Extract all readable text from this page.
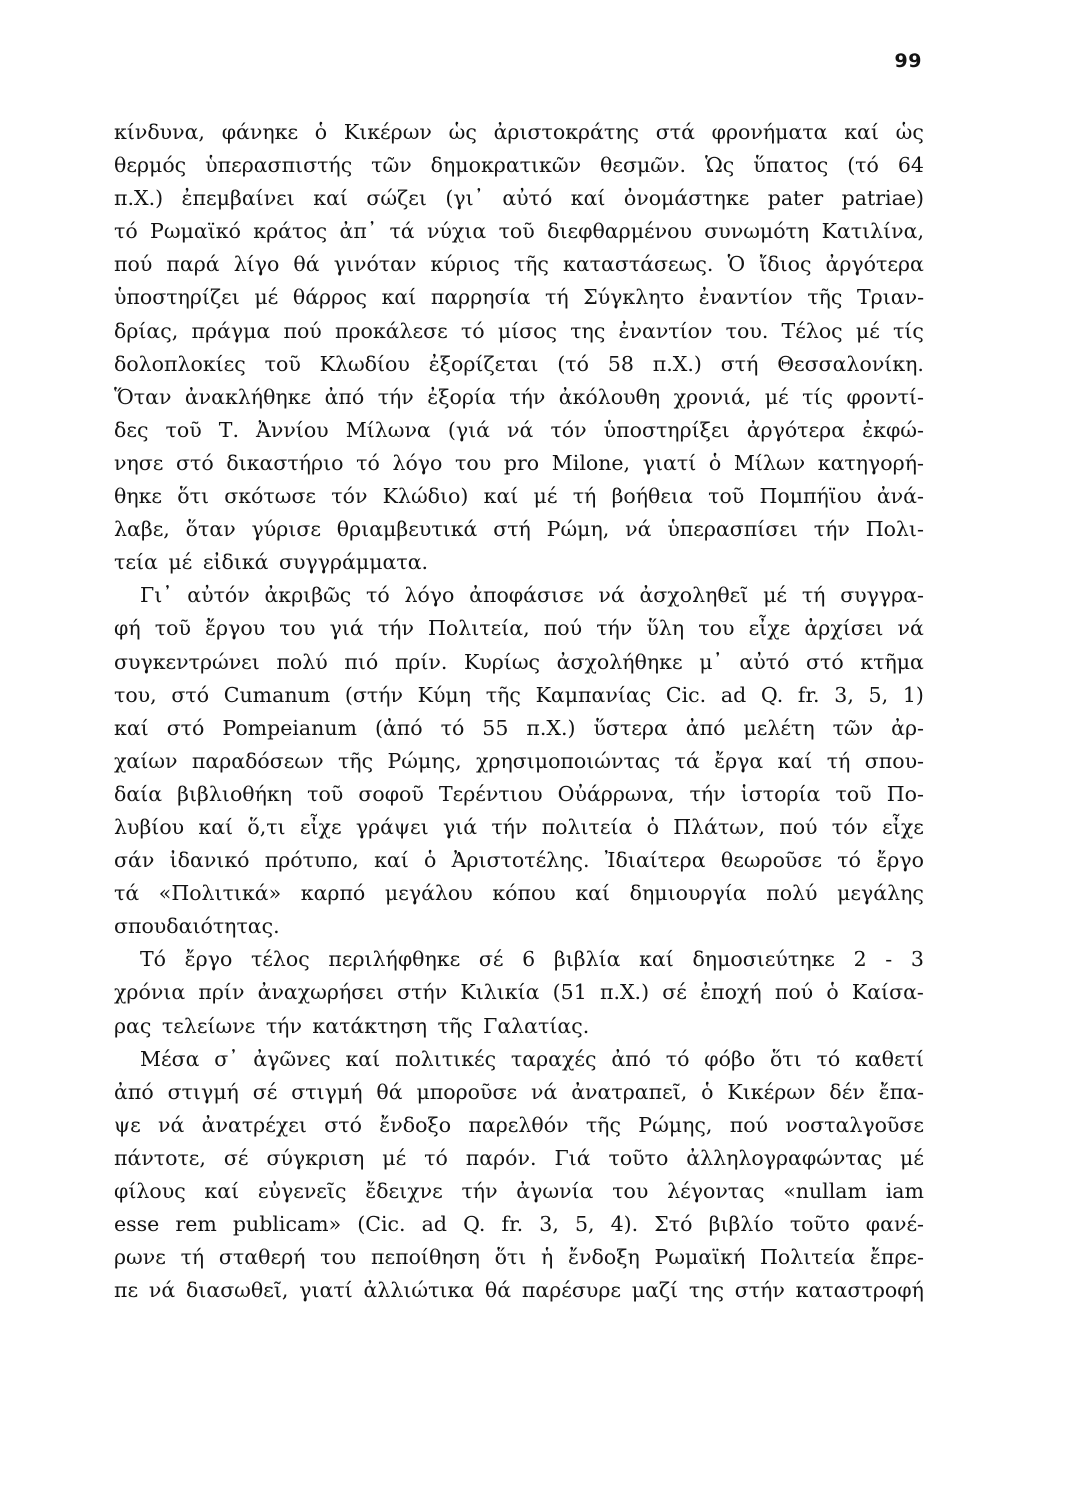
99
κίνδυνα, φάνηκε ὁ Κικέρων ὡς ἀριστοκράτης στά φρονήματα καί ὡς
θερμός ὑπερασπιστής τῶν δημοκρατικῶν θεσμῶν. Ὡς ὕπατος (τό 64
π.Χ.) ἐπεμβαίνει καί σώζει (γι᾽ αὐτό καί ὀνομάστηκε pater patriae)
τό Ρωμαϊκό κράτος ἀπ᾽ τά νύχια τοῦ διεφθαρμένου συνωμότη Κατιλίνα,
πού παρά λίγο θά γινόταν κύριος τῆς καταστάσεως. Ὁ ἴδιος ἀργότερα
ὑποστηρίζει μέ θάρρος καί παρρησία τή Σύγκλητο ἐναντίον τῆς Τριαν-
δρίας, πράγμα πού προκάλεσε τό μίσος της ἐναντίον του. Τέλος μέ τίς
δολοπλοκίες τοῦ Κλωδίου ἐξορίζεται (τό 58 π.Χ.) στή Θεσσαλονίκη.
Ὅταν ἀνακλήθηκε ἀπό τήν ἐξορία τήν ἀκόλουθη χρονιά, μέ τίς φροντί-
δες τοῦ Τ. Ἀννίου Μίλωνα (γιά νά τόν ὑποστηρίξει ἀργότερα ἐκφώ-
νησε στό δικαστήριο τό λόγο του pro Milone, γιατί ὁ Μίλων κατηγορή-
θηκε ὅτι σκότωσε τόν Κλώδιο) καί μέ τή βοήθεια τοῦ Πομπήϊου ἀνά-
λαβε, ὅταν γύρισε θριαμβευτικά στή Ρώμη, νά ὑπερασπίσει τήν Πολι-
τεία μέ εἰδικά συγγράμματα.
Γι᾽ αὐτόν ἀκριβῶς τό λόγο ἀποφάσισε νά ἀσχοληθεῖ μέ τή συγγρα-
φή τοῦ ἔργου του γιά τήν Πολιτεία, πού τήν ὕλη του εἶχε ἀρχίσει νά
συγκεντρώνει πολύ πιό πρίν. Κυρίως ἀσχολήθηκε μ᾽ αὐτό στό κτῆμα
του, στό Cumanum (στήν Κύμη τῆς Καμπανίας Cic. ad Q. fr. 3, 5, 1)
καί στό Pompeianum (ἀπό τό 55 π.Χ.) ὕστερα ἀπό μελέτη τῶν ἀρ-
χαίων παραδόσεων τῆς Ρώμης, χρησιμοποιώντας τά ἔργα καί τή σπου-
δαία βιβλιοθήκη τοῦ σοφοῦ Τερέντιου Οὐάρρωνα, τήν ἱστορία τοῦ Πο-
λυβίου καί ὅ,τι εἶχε γράψει γιά τήν πολιτεία ὁ Πλάτων, πού τόν εἶχε
σάν ἰδανικό πρότυπο, καί ὁ Ἀριστοτέλης. Ἰδιαίτερα θεωροῦσε τό ἔργο
τά «Πολιτικά» καρπό μεγάλου κόπου καί δημιουργία πολύ μεγάλης
σπουδαιότητας.
Τό ἔργο τέλος περιλήφθηκε σέ 6 βιβλία καί δημοσιεύτηκε 2 - 3
χρόνια πρίν ἀναχωρήσει στήν Κιλικία (51 π.Χ.) σέ ἐποχή πού ὁ Καίσα-
ρας τελείωνε τήν κατάκτηση τῆς Γαλατίας.
Μέσα σ᾽ ἀγῶνες καί πολιτικές ταραχές ἀπό τό φόβο ὅτι τό καθετί
ἀπό στιγμή σέ στιγμή θά μποροῦσε νά ἀνατραπεῖ, ὁ Κικέρων δέν ἔπα-
ψε νά ἀνατρέχει στό ἔνδοξο παρελθόν τῆς Ρώμης, πού νοσταλγοῦσε
πάντοτε, σέ σύγκριση μέ τό παρόν. Γιά τοῦτο ἀλληλογραφώντας μέ
φίλους καί εὐγενεῖς ἔδειχνε τήν ἀγωνία του λέγοντας «nullam iam
esse rem publicam» (Cic. ad Q. fr. 3, 5, 4). Στό βιβλίο τοῦτο φανέ-
ρωνε τή σταθερή του πεποίθηση ὅτι ἡ ἔνδοξη Ρωμαϊκή Πολιτεία ἔπρε-
πε νά διασωθεῖ, γιατί ἀλλιώτικα θά παρέσυρε μαζί της στήν καταστροφή
